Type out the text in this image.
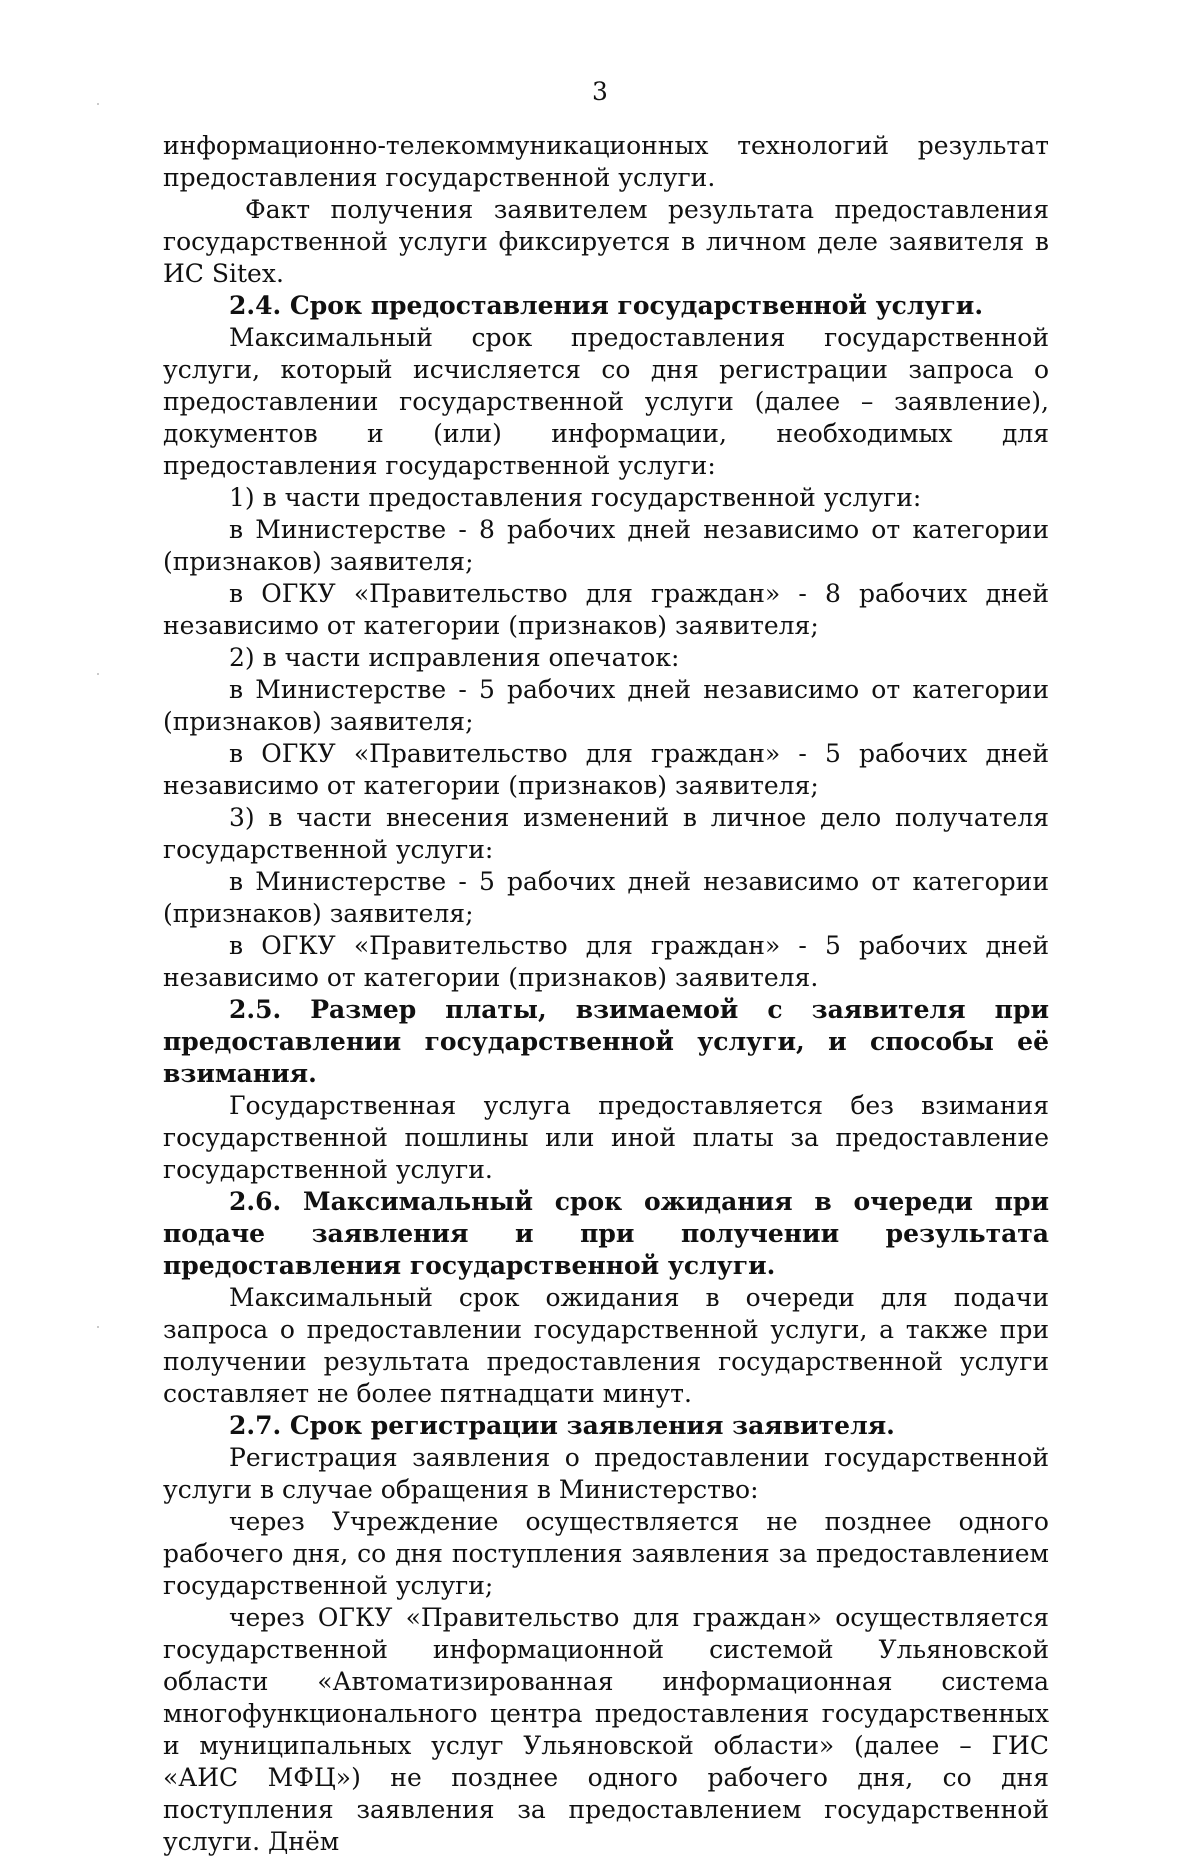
3

информационно-телекоммуникационных технологий результат предоставления государственной услуги.

Факт получения заявителем результата предоставления государственной услуги фиксируется в личном деле заявителя в ИС Sitex.

2.4. Срок предоставления государственной услуги.

Максимальный срок предоставления государственной услуги, который исчисляется со дня регистрации запроса о предоставлении государственной услуги (далее – заявление), документов и (или) информации, необходимых для предоставления государственной услуги:

1) в части предоставления государственной услуги:

в Министерстве - 8 рабочих дней независимо от категории (признаков) заявителя;

в ОГКУ «Правительство для граждан» - 8 рабочих дней независимо от категории (признаков) заявителя;

2) в части исправления опечаток:

в Министерстве - 5 рабочих дней независимо от категории (признаков) заявителя;

в ОГКУ «Правительство для граждан» - 5 рабочих дней независимо от категории (признаков) заявителя;

3) в части внесения изменений в личное дело получателя государственной услуги:

в Министерстве - 5 рабочих дней независимо от категории (признаков) заявителя;

в ОГКУ «Правительство для граждан» - 5 рабочих дней независимо от категории (признаков) заявителя.

2.5. Размер платы, взимаемой с заявителя при предоставлении государственной услуги, и способы её взимания.

Государственная услуга предоставляется без взимания государственной пошлины или иной платы за предоставление государственной услуги.

2.6. Максимальный срок ожидания в очереди при подаче заявления и при получении результата предоставления государственной услуги.

Максимальный срок ожидания в очереди для подачи запроса о предоставлении государственной услуги, а также при получении результата предоставления государственной услуги составляет не более пятнадцати минут.

2.7. Срок регистрации заявления заявителя.

Регистрация заявления о предоставлении государственной услуги в случае обращения в Министерство:

через Учреждение осуществляется не позднее одного рабочего дня, со дня поступления заявления за предоставлением государственной услуги;

через ОГКУ «Правительство для граждан» осуществляется государственной информационной системой Ульяновской области «Автоматизированная информационная система многофункционального центра предоставления государственных и муниципальных услуг Ульяновской области» (далее – ГИС «АИС МФЦ») не позднее одного рабочего дня, со дня поступления заявления за предоставлением государственной услуги. Днём
